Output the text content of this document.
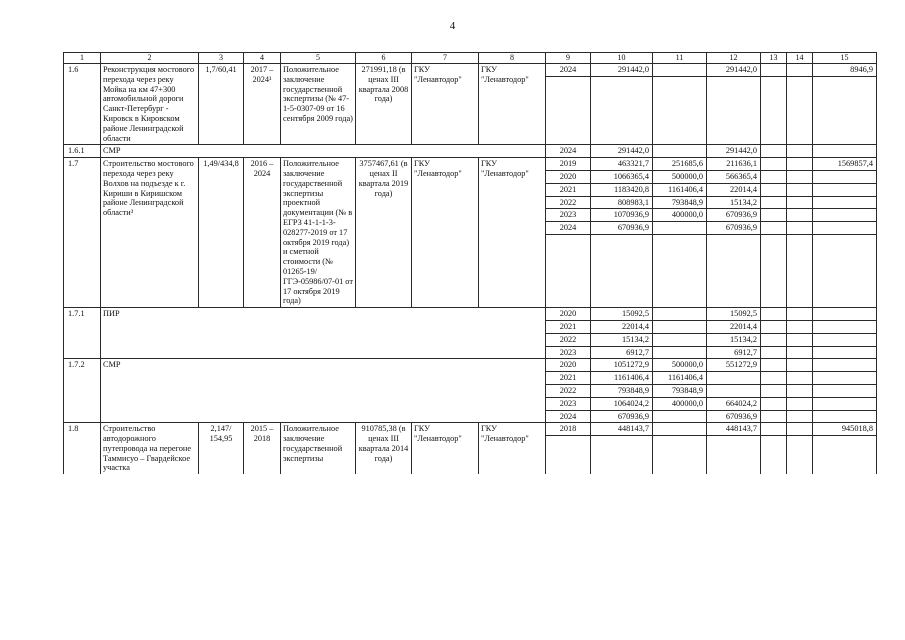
4
1	2	3	4	5	6	7	8	9	10	11	12	13	14	15
1.6	Реконструкция мостового перехода через реку Мойка на км 47+300 автомобильной дороги Санкт-Петербург - Кировск в Кировском районе Ленинградской области	1,7/60,41	2017 – 2024¹	Положительное заключение государственной экспертизы (№ 47-1-5-0307-09 от 16 сентября 2009 года)	271991,18 (в ценах III квартала 2008 года)	ГКУ "Ленавтодор"	ГКУ "Ленавтодор"	2024	291442,0		291442,0			8946,9

1.6.1	СМР							2024	291442,0		291442,0			
1.7	Строительство мостового перехода через реку Волхов на подъезде к г. Кириши в Киришском районе Ленинградской области³	1,49/434,8	2016 – 2024	Положительное заключение государственной экспертизы проектной документации (№ в ЕГРЗ 41-1-1-3-028277-2019 от 17 октября 2019 года) и сметной стоимости (№ 01265-19/ГГЭ-05986/07-01 от 17 октября 2019 года)	3757467,61 (в ценах II квартала 2019 года)	ГКУ "Ленавтодор"	ГКУ "Ленавтодор"	2019	463321,7	251685,6	211636,1			1569857,4
								2020	1066365,4	500000,0	566365,4			
								2021	1183420,8	1161406,4	22014,4			
								2022	808983,1	793848,9	15134,2			
								2023	1070936,9	400000,0	670936,9			
								2024	670936,9		670936,9			

1.7.1	ПИР							2020	15092,5		15092,5			
								2021	22014,4		22014,4			
								2022	15134,2		15134,2			
								2023	6912,7		6912,7			
1.7.2	СМР							2020	1051272,9	500000,0	551272,9			
								2021	1161406,4	1161406,4				
								2022	793848,9	793848,9				
								2023	1064024,2	400000,0	664024,2			
								2024	670936,9		670936,9			
1.8	Строительство автодорожного путепровода на перегоне Таммисуо – Гвардейское участка	2,147/ 154,95	2015 – 2018	Положительное заключение государственной экспертизы	910785,38 (в ценах III квартала 2014 года)	ГКУ "Ленавтодор"	ГКУ "Ленавтодор"	2018	448143,7		448143,7			945018,8
